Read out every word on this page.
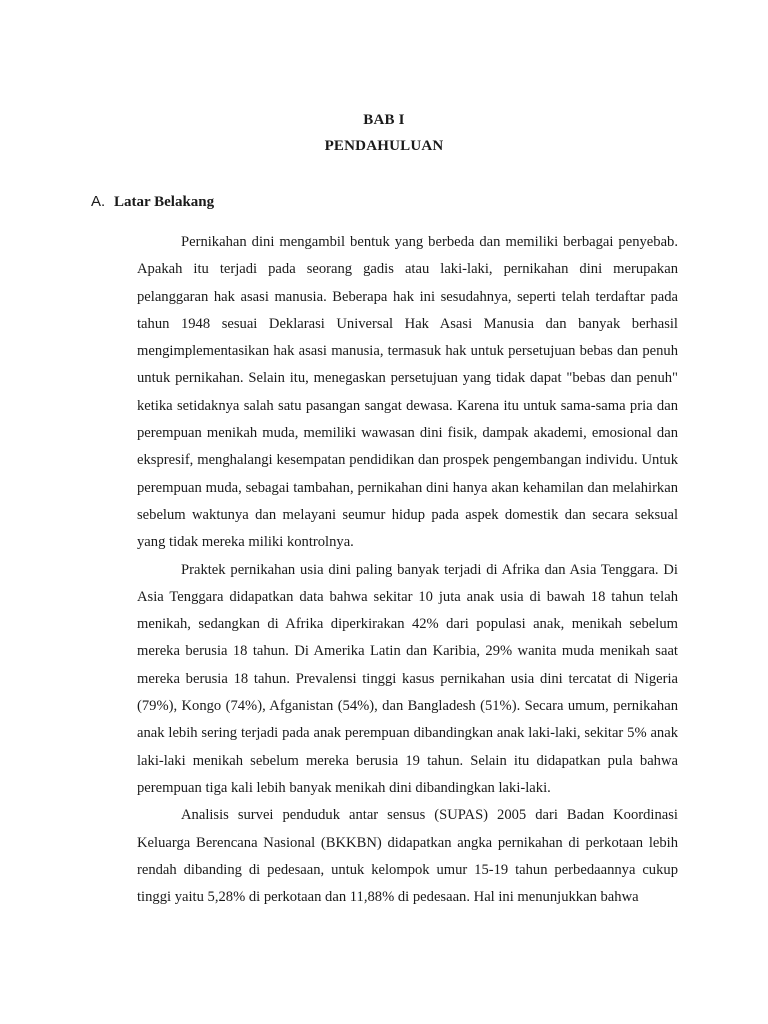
BAB I
PENDAHULUAN
A. Latar Belakang

Pernikahan dini mengambil bentuk yang berbeda dan memiliki berbagai penyebab. Apakah itu terjadi pada seorang gadis atau laki-laki, pernikahan dini merupakan pelanggaran hak asasi manusia. Beberapa hak ini sesudahnya, seperti telah terdaftar pada tahun 1948 sesuai Deklarasi Universal Hak Asasi Manusia dan banyak berhasil mengimplementasikan hak asasi manusia, termasuk hak untuk persetujuan bebas dan penuh untuk pernikahan. Selain itu, menegaskan persetujuan yang tidak dapat "bebas dan penuh" ketika setidaknya salah satu pasangan sangat dewasa. Karena itu untuk sama-sama pria dan perempuan menikah muda, memiliki wawasan dini fisik, dampak akademi, emosional dan ekspresif, menghalangi kesempatan pendidikan dan prospek pengembangan individu. Untuk perempuan muda, sebagai tambahan, pernikahan dini hanya akan kehamilan dan melahirkan sebelum waktunya dan melayani seumur hidup pada aspek domestik dan secara seksual yang tidak mereka miliki kontrolnya.

Praktek pernikahan usia dini paling banyak terjadi di Afrika dan Asia Tenggara. Di Asia Tenggara didapatkan data bahwa sekitar 10 juta anak usia di bawah 18 tahun telah menikah, sedangkan di Afrika diperkirakan 42% dari populasi anak, menikah sebelum mereka berusia 18 tahun. Di Amerika Latin dan Karibia, 29% wanita muda menikah saat mereka berusia 18 tahun. Prevalensi tinggi kasus pernikahan usia dini tercatat di Nigeria (79%), Kongo (74%), Afganistan (54%), dan Bangladesh (51%). Secara umum, pernikahan anak lebih sering terjadi pada anak perempuan dibandingkan anak laki-laki, sekitar 5% anak laki-laki menikah sebelum mereka berusia 19 tahun. Selain itu didapatkan pula bahwa perempuan tiga kali lebih banyak menikah dini dibandingkan laki-laki.

Analisis survei penduduk antar sensus (SUPAS) 2005 dari Badan Koordinasi Keluarga Berencana Nasional (BKKBN) didapatkan angka pernikahan di perkotaan lebih rendah dibanding di pedesaan, untuk kelompok umur 15-19 tahun perbedaannya cukup tinggi yaitu 5,28% di perkotaan dan 11,88% di pedesaan. Hal ini menunjukkan bahwa
